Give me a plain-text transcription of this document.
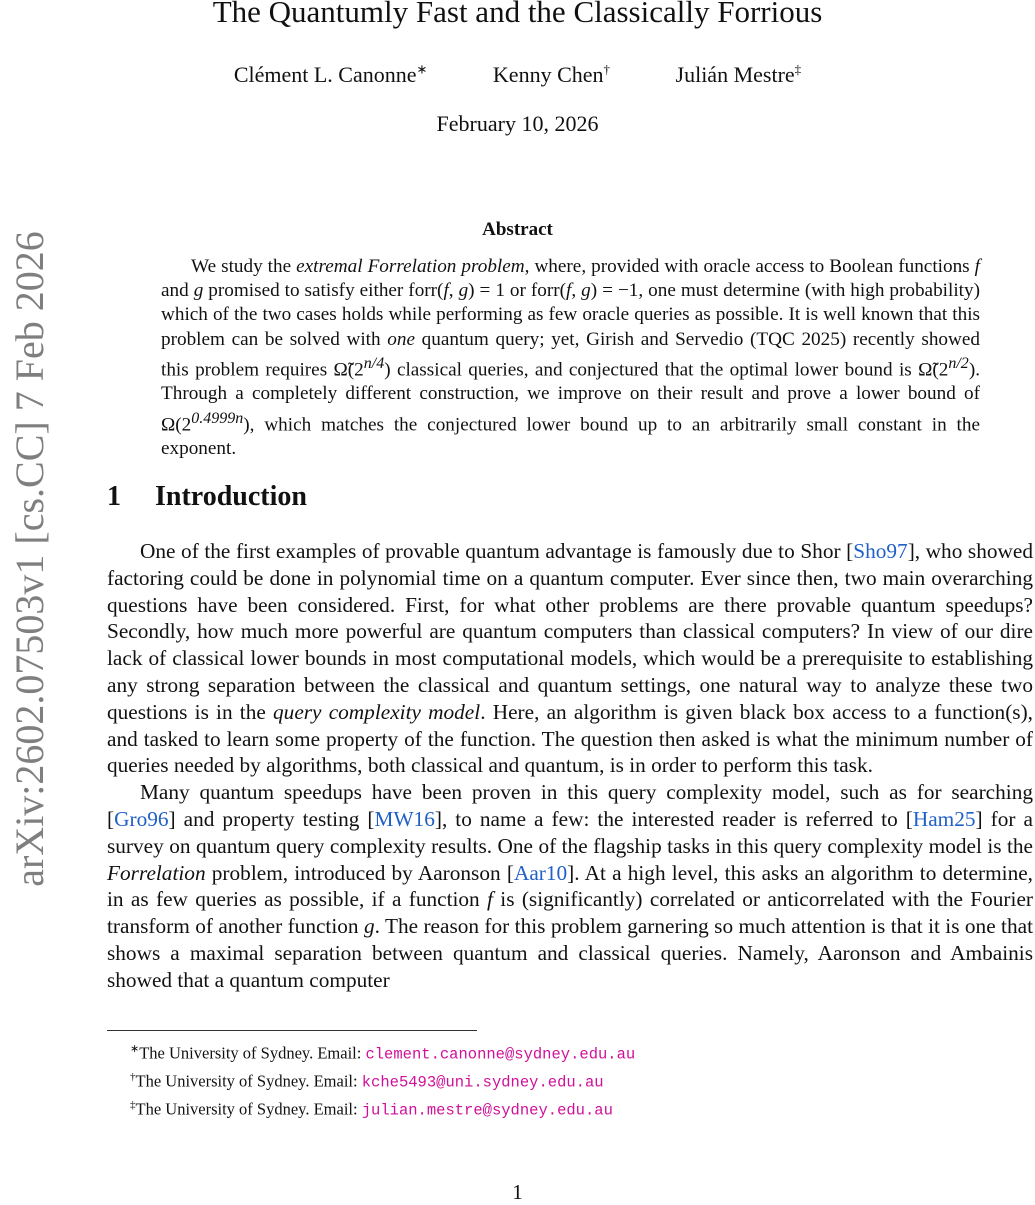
arXiv:2602.07503v1 [cs.CC] 7 Feb 2026
The Quantumly Fast and the Classically Forrious
Clément L. Canonne∗	Kenny Chen†	Julián Mestre‡
February 10, 2026
Abstract

We study the extremal Forrelation problem, where, provided with oracle access to Boolean functions f and g promised to satisfy either forr(f, g) = 1 or forr(f, g) = −1, one must determine (with high probability) which of the two cases holds while performing as few oracle queries as possible. It is well known that this problem can be solved with one quantum query; yet, Girish and Servedio (TQC 2025) recently showed this problem requires $\Omegã(2^{n/4})$ classical queries, and conjectured that the optimal lower bound is $\Omegã(2^{n/2})$. Through a completely different construction, we improve on their result and prove a lower bound of $\Omega(2^{0.4999n})$, which matches the conjectured lower bound up to an arbitrarily small constant in the exponent.

1 Introduction

One of the first examples of provable quantum advantage is famously due to Shor [Sho97], who showed factoring could be done in polynomial time on a quantum computer. Ever since then, two main overarching questions have been considered. First, for what other problems are there provable quantum speedups? Secondly, how much more powerful are quantum computers than classical computers? In view of our dire lack of classical lower bounds in most computational models, which would be a prerequisite to establishing any strong separation between the classical and quantum settings, one natural way to analyze these two questions is in the query complexity model. Here, an algorithm is given black box access to a function(s), and tasked to learn some property of the function. The question then asked is what the minimum number of queries needed by algorithms, both classical and quantum, is in order to perform this task.

Many quantum speedups have been proven in this query complexity model, such as for searching [Gro96] and property testing [MW16], to name a few: the interested reader is referred to [Ham25] for a survey on quantum query complexity results. One of the flagship tasks in this query complexity model is the Forrelation problem, introduced by Aaronson [Aar10]. At a high level, this asks an algorithm to determine, in as few queries as possible, if a function f is (significantly) correlated or anticorrelated with the Fourier transform of another function g. The reason for this problem garnering so much attention is that it is one that shows a maximal separation between quantum and classical queries. Namely, Aaronson and Ambainis showed that a quantum computer

∗The University of Sydney. Email: clement.canonne@sydney.edu.au
†The University of Sydney. Email: kche5493@uni.sydney.edu.au
‡The University of Sydney. Email: julian.mestre@sydney.edu.au
1
